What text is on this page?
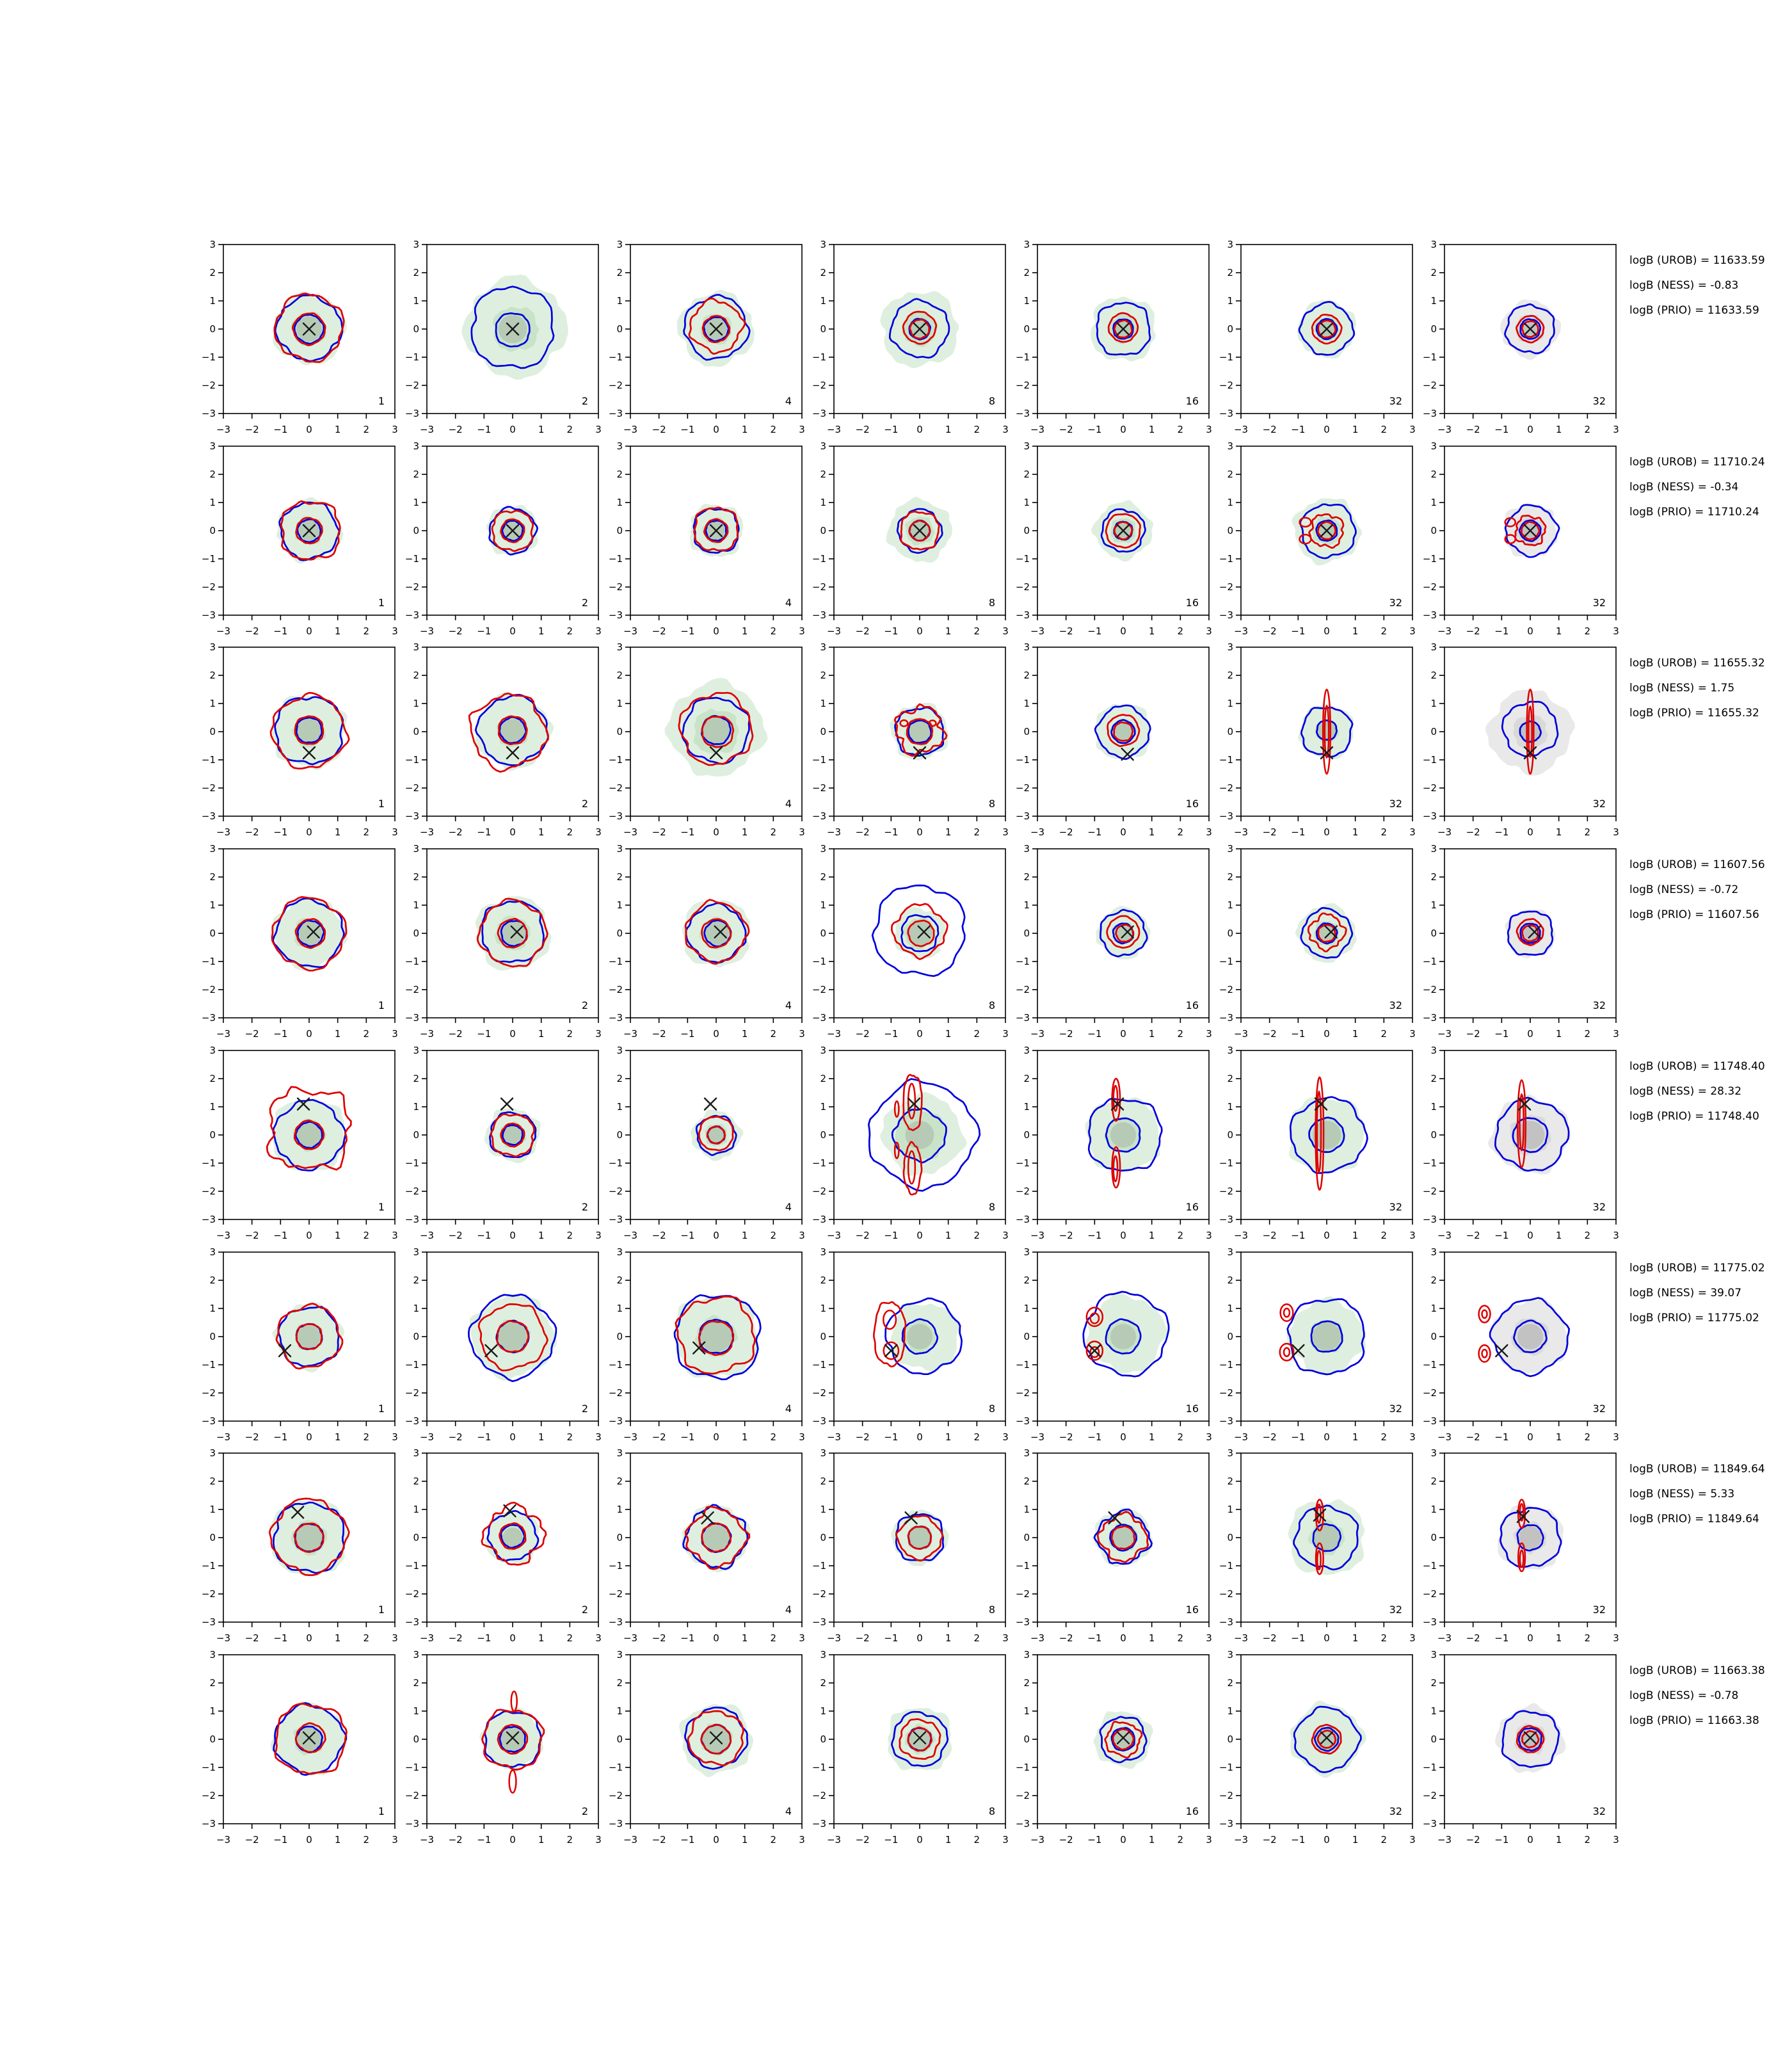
−3
−3
−2
−2
−1
−1
0
0
1
1
2
2
3
3
1
−3
−3
−2
−2
−1
−1
0
0
1
1
2
2
3
3
2
−3
−3
−2
−2
−1
−1
0
0
1
1
2
2
3
3
4
−3
−3
−2
−2
−1
−1
0
0
1
1
2
2
3
3
8
−3
−3
−2
−2
−1
−1
0
0
1
1
2
2
3
3
16
−3
−3
−2
−2
−1
−1
0
0
1
1
2
2
3
3
32
−3
−3
−2
−2
−1
−1
0
0
1
1
2
2
3
3
32
logB (UROB) = 11633.59
logB (NESS) = -0.83
logB (PRIO) = 11633.59
−3
−3
−2
−2
−1
−1
0
0
1
1
2
2
3
3
1
−3
−3
−2
−2
−1
−1
0
0
1
1
2
2
3
3
2
−3
−3
−2
−2
−1
−1
0
0
1
1
2
2
3
3
4
−3
−3
−2
−2
−1
−1
0
0
1
1
2
2
3
3
8
−3
−3
−2
−2
−1
−1
0
0
1
1
2
2
3
3
16
−3
−3
−2
−2
−1
−1
0
0
1
1
2
2
3
3
32
−3
−3
−2
−2
−1
−1
0
0
1
1
2
2
3
3
32
logB (UROB) = 11710.24
logB (NESS) = -0.34
logB (PRIO) = 11710.24
−3
−3
−2
−2
−1
−1
0
0
1
1
2
2
3
3
1
−3
−3
−2
−2
−1
−1
0
0
1
1
2
2
3
3
2
−3
−3
−2
−2
−1
−1
0
0
1
1
2
2
3
3
4
−3
−3
−2
−2
−1
−1
0
0
1
1
2
2
3
3
8
−3
−3
−2
−2
−1
−1
0
0
1
1
2
2
3
3
16
−3
−3
−2
−2
−1
−1
0
0
1
1
2
2
3
3
32
−3
−3
−2
−2
−1
−1
0
0
1
1
2
2
3
3
32
logB (UROB) = 11655.32
logB (NESS) = 1.75
logB (PRIO) = 11655.32
−3
−3
−2
−2
−1
−1
0
0
1
1
2
2
3
3
1
−3
−3
−2
−2
−1
−1
0
0
1
1
2
2
3
3
2
−3
−3
−2
−2
−1
−1
0
0
1
1
2
2
3
3
4
−3
−3
−2
−2
−1
−1
0
0
1
1
2
2
3
3
8
−3
−3
−2
−2
−1
−1
0
0
1
1
2
2
3
3
16
−3
−3
−2
−2
−1
−1
0
0
1
1
2
2
3
3
32
−3
−3
−2
−2
−1
−1
0
0
1
1
2
2
3
3
32
logB (UROB) = 11607.56
logB (NESS) = -0.72
logB (PRIO) = 11607.56
−3
−3
−2
−2
−1
−1
0
0
1
1
2
2
3
3
1
−3
−3
−2
−2
−1
−1
0
0
1
1
2
2
3
3
2
−3
−3
−2
−2
−1
−1
0
0
1
1
2
2
3
3
4
−3
−3
−2
−2
−1
−1
0
0
1
1
2
2
3
3
8
−3
−3
−2
−2
−1
−1
0
0
1
1
2
2
3
3
16
−3
−3
−2
−2
−1
−1
0
0
1
1
2
2
3
3
32
−3
−3
−2
−2
−1
−1
0
0
1
1
2
2
3
3
32
logB (UROB) = 11748.40
logB (NESS) = 28.32
logB (PRIO) = 11748.40
−3
−3
−2
−2
−1
−1
0
0
1
1
2
2
3
3
1
−3
−3
−2
−2
−1
−1
0
0
1
1
2
2
3
3
2
−3
−3
−2
−2
−1
−1
0
0
1
1
2
2
3
3
4
−3
−3
−2
−2
−1
−1
0
0
1
1
2
2
3
3
8
−3
−3
−2
−2
−1
−1
0
0
1
1
2
2
3
3
16
−3
−3
−2
−2
−1
−1
0
0
1
1
2
2
3
3
32
−3
−3
−2
−2
−1
−1
0
0
1
1
2
2
3
3
32
logB (UROB) = 11775.02
logB (NESS) = 39.07
logB (PRIO) = 11775.02
−3
−3
−2
−2
−1
−1
0
0
1
1
2
2
3
3
1
−3
−3
−2
−2
−1
−1
0
0
1
1
2
2
3
3
2
−3
−3
−2
−2
−1
−1
0
0
1
1
2
2
3
3
4
−3
−3
−2
−2
−1
−1
0
0
1
1
2
2
3
3
8
−3
−3
−2
−2
−1
−1
0
0
1
1
2
2
3
3
16
−3
−3
−2
−2
−1
−1
0
0
1
1
2
2
3
3
32
−3
−3
−2
−2
−1
−1
0
0
1
1
2
2
3
3
32
logB (UROB) = 11849.64
logB (NESS) = 5.33
logB (PRIO) = 11849.64
−3
−3
−2
−2
−1
−1
0
0
1
1
2
2
3
3
1
−3
−3
−2
−2
−1
−1
0
0
1
1
2
2
3
3
2
−3
−3
−2
−2
−1
−1
0
0
1
1
2
2
3
3
4
−3
−3
−2
−2
−1
−1
0
0
1
1
2
2
3
3
8
−3
−3
−2
−2
−1
−1
0
0
1
1
2
2
3
3
16
−3
−3
−2
−2
−1
−1
0
0
1
1
2
2
3
3
32
−3
−3
−2
−2
−1
−1
0
0
1
1
2
2
3
3
32
logB (UROB) = 11663.38
logB (NESS) = -0.78
logB (PRIO) = 11663.38
